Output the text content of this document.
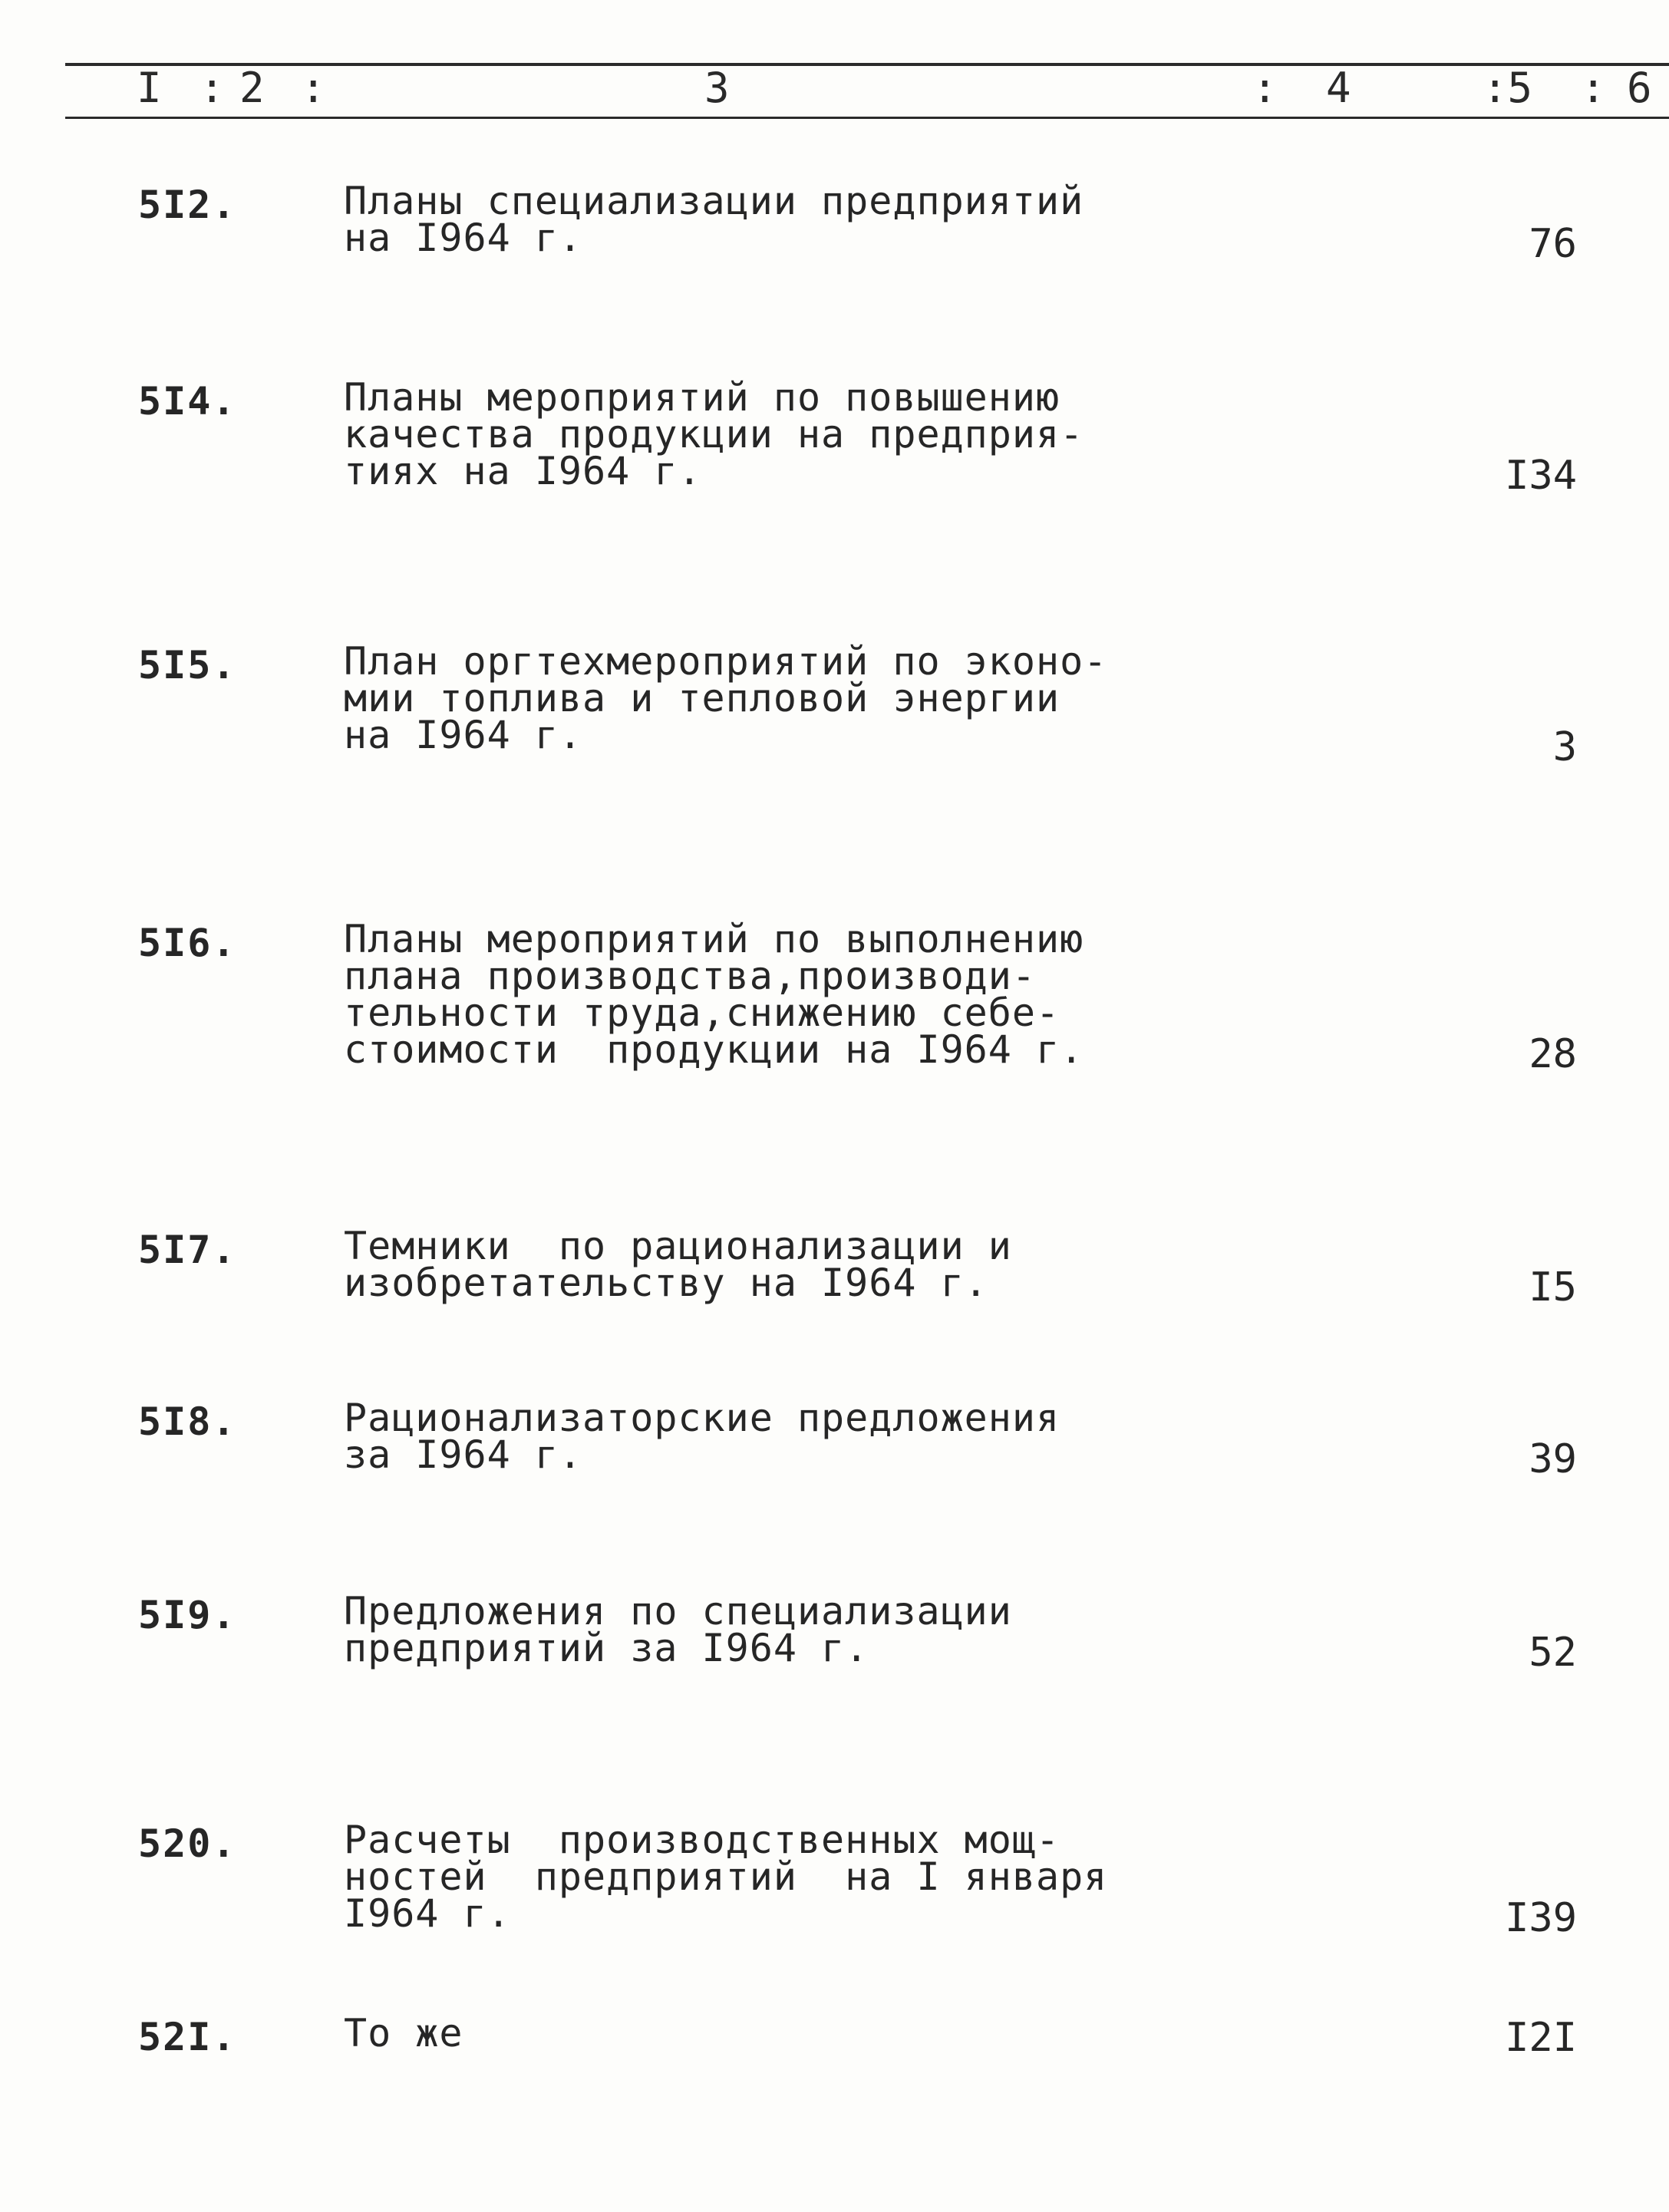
I : 2 :	3	: 4	:5 : 6
5I2.	Планы специализации предприятий
на I964 г.	76
5I4.	Планы мероприятий по повышению
качества продукции на предприя-
тиях на I964 г.	I34
5I5.	План оргтехмероприятий по эконо-
мии топлива и тепловой энергии
на I964 г.	3
5I6.	Планы мероприятий по выполнению
плана производства,производи-
тельности труда,снижению себе-
стоимости  продукции на I964 г.	28
5I7.	Темники  по рационализации и
изобретательству на I964 г.	I5
5I8.	Рационализаторские предложения
за I964 г.	39
5I9.	Предложения по специализации
предприятий за I964 г.	52
520.	Расчеты  производственных мощ-
ностей  предприятий  на I января
I964 г.	I39
52I.	То же	I2I
